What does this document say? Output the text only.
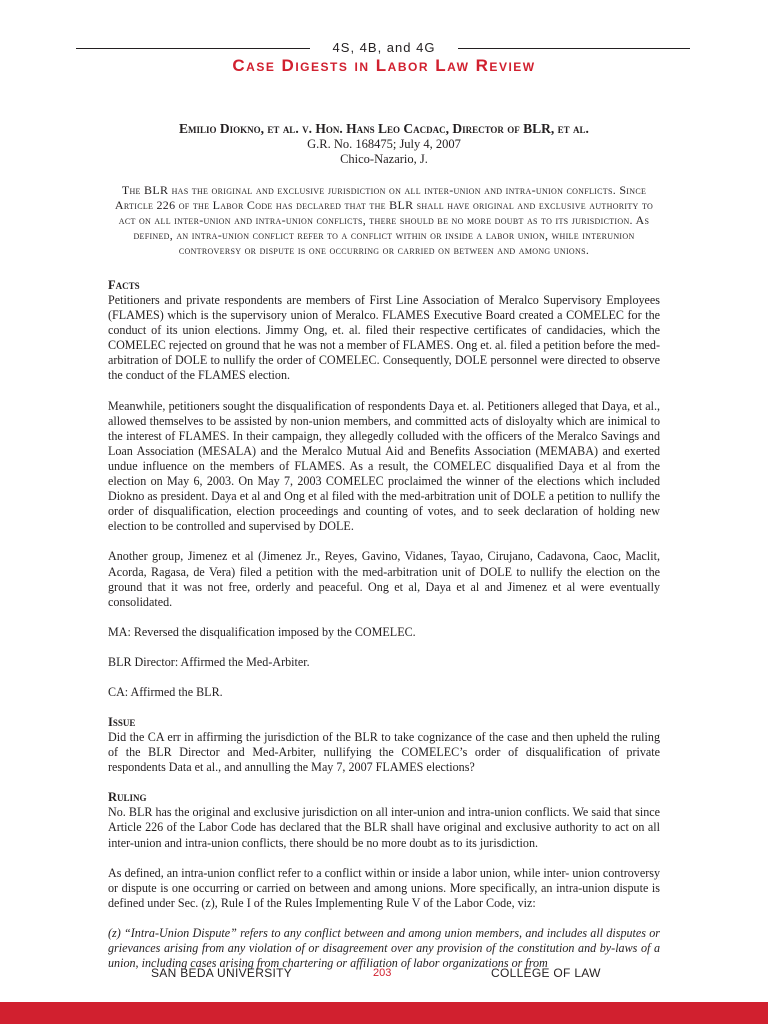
4S, 4B, and 4G
Case Digests in Labor Law Review
Emilio Diokno, et al. v. Hon. Hans Leo Cacdac, Director of BLR, et al.
G.R. No. 168475; July 4, 2007
Chico-Nazario, J.
The BLR has the original and exclusive jurisdiction on all inter-union and intra-union conflicts. Since Article 226 of the Labor Code has declared that the BLR shall have original and exclusive authority to act on all inter-union and intra-union conflicts, there should be no more doubt as to its jurisdiction. As defined, an intra-union conflict refer to a conflict within or inside a labor union, while interunion controversy or dispute is one occurring or carried on between and among unions.
Facts

Petitioners and private respondents are members of First Line Association of Meralco Supervisory Employees (FLAMES) which is the supervisory union of Meralco. FLAMES Executive Board created a COMELEC for the conduct of its union elections. Jimmy Ong, et. al. filed their respective certificates of candidacies, which the COMELEC rejected on ground that he was not a member of FLAMES. Ong et. al. filed a petition before the med- arbitration of DOLE to nullify the order of COMELEC. Consequently, DOLE personnel were directed to observe the conduct of the FLAMES election.

Meanwhile, petitioners sought the disqualification of respondents Daya et. al. Petitioners alleged that Daya, et al., allowed themselves to be assisted by non-union members, and committed acts of disloyalty which are inimical to the interest of FLAMES. In their campaign, they allegedly colluded with the officers of the Meralco Savings and Loan Association (MESALA) and the Meralco Mutual Aid and Benefits Association (MEMABA) and exerted undue influence on the members of FLAMES. As a result, the COMELEC disqualified Daya et al from the election on May 6, 2003. On May 7, 2003 COMELEC proclaimed the winner of the elections which included Diokno as president. Daya et al and Ong et al filed with the med-arbitration unit of DOLE a petition to nullify the order of disqualification, election proceedings and counting of votes, and to seek declaration of holding new election to be controlled and supervised by DOLE.

Another group, Jimenez et al (Jimenez Jr., Reyes, Gavino, Vidanes, Tayao, Cirujano, Cadavona, Caoc, Maclit, Acorda, Ragasa, de Vera) filed a petition with the med-arbitration unit of DOLE to nullify the election on the ground that it was not free, orderly and peaceful. Ong et al, Daya et al and Jimenez et al were eventually consolidated.

MA: Reversed the disqualification imposed by the COMELEC.

BLR Director: Affirmed the Med-Arbiter.

CA: Affirmed the BLR.

Issue

Did the CA err in affirming the jurisdiction of the BLR to take cognizance of the case and then upheld the ruling of the BLR Director and Med-Arbiter, nullifying the COMELEC’s order of disqualification of private respondents Data et al., and annulling the May 7, 2007 FLAMES elections?

Ruling

No. BLR has the original and exclusive jurisdiction on all inter-union and intra-union conflicts. We said that since Article 226 of the Labor Code has declared that the BLR shall have original and exclusive authority to act on all inter-union and intra-union conflicts, there should be no more doubt as to its jurisdiction.

As defined, an intra-union conflict refer to a conflict within or inside a labor union, while inter- union controversy or dispute is one occurring or carried on between and among unions. More specifically, an intra-union dispute is defined under Sec. (z), Rule I of the Rules Implementing Rule V of the Labor Code, viz:

(z) “Intra-Union Dispute” refers to any conflict between and among union members, and includes all disputes or grievances arising from any violation of or disagreement over any provision of the constitution and by-laws of a union, including cases arising from chartering or affiliation of labor organizations or from

SAN BEDA UNIVERSITY	203	COLLEGE OF LAW
